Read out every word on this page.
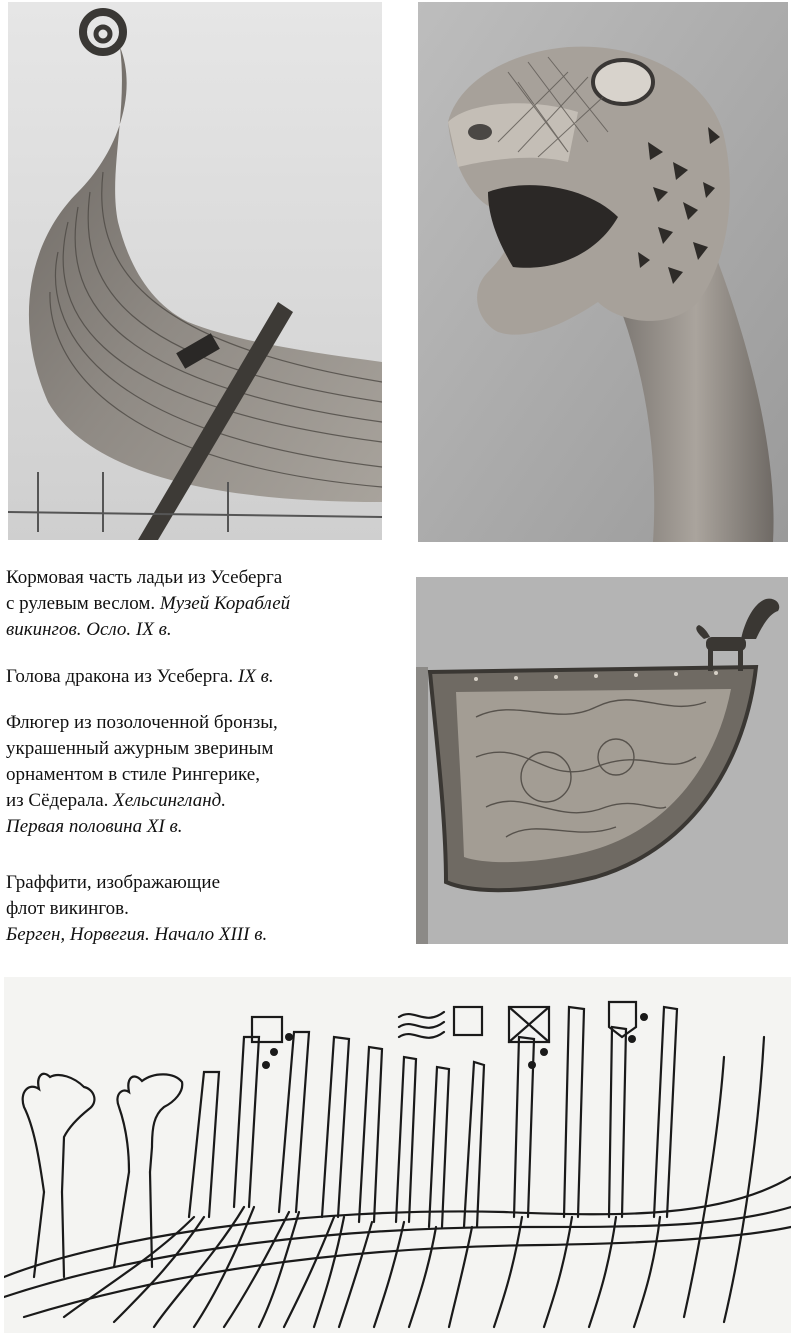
Кормовая часть ладьи из Усеберга
с рулевым веслом. Музей Кораблей
викингов. Осло. IX в.
Голова дракона из Усеберга. IX в.
Флюгер из позолоченной бронзы,
украшенный ажурным звериным
орнаментом в стиле Рингерике,
из Сёдерала. Хельсингланд.
Первая половина XI в.
Граффити, изображающие
флот викингов.
Берген, Норвегия. Начало XIII в.
